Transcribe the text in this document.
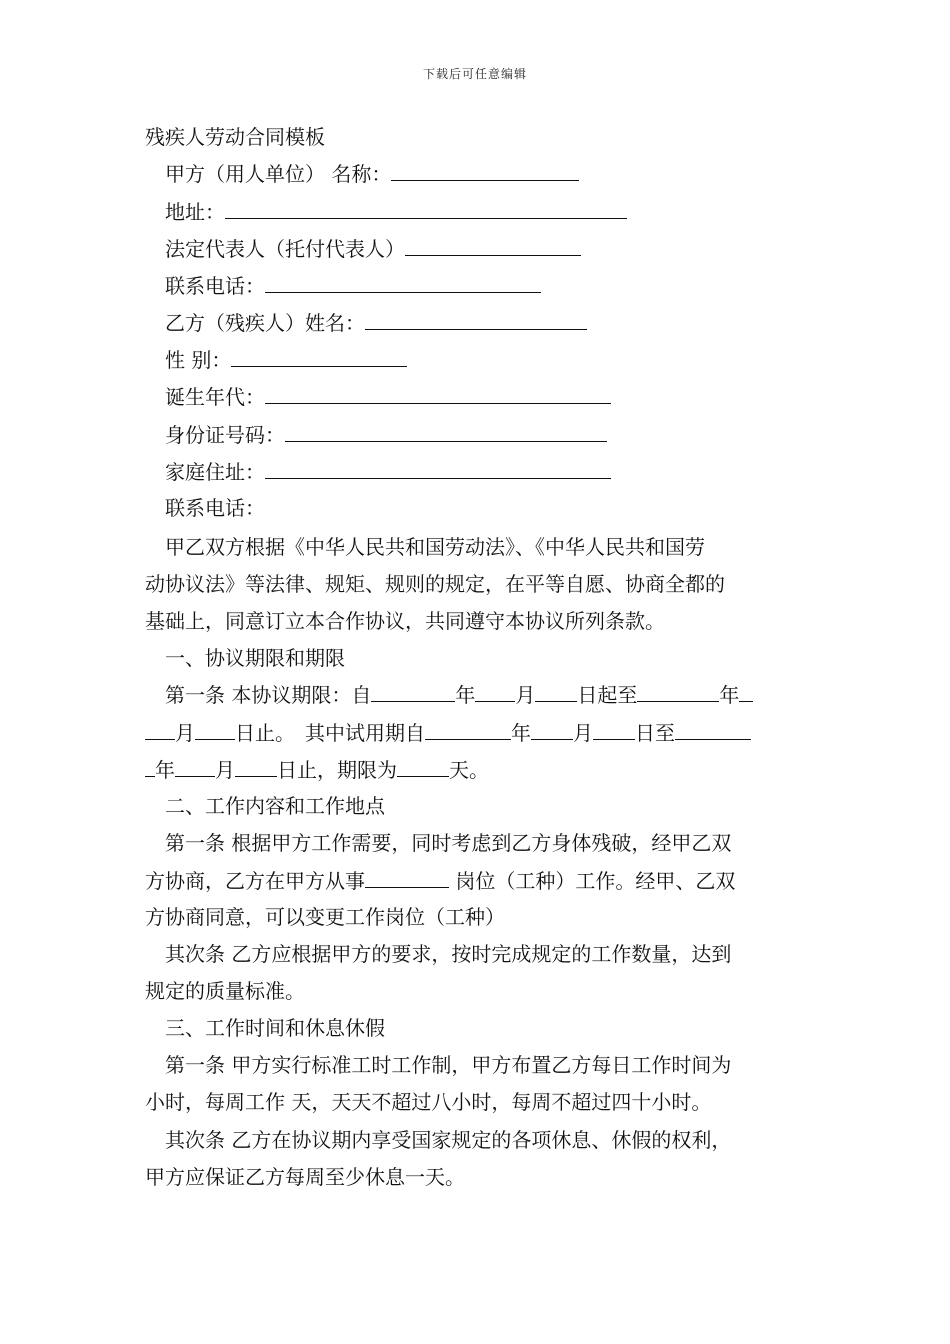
下载后可任意编辑
残疾人劳动合同模板
甲方（用人单位） 名称：
地址：
法定代表人（托付代表人）
联系电话：
乙方（残疾人）姓名：
性 别：
诞生年代：
身份证号码：
家庭住址：
联系电话：
甲乙双方根据《中华人民共和国劳动法》、《中华人民共和国劳
动协议法》等法律、规矩、规则的规定，在平等自愿、协商全都的
基础上，同意订立本合作协议，共同遵守本协议所列条款。
一、协议期限和期限
第一条 本协议期限：自	年 月 日起至	年
月 日止。 其中试用期自	年 月 日至
年 月 日止，期限为	天。
二、工作内容和工作地点
第一条 根据甲方工作需要，同时考虑到乙方身体残破，经甲乙双
方协商，乙方在甲方从事	岗位（工种）工作。经甲、乙双
方协商同意，可以变更工作岗位（工种）
其次条 乙方应根据甲方的要求，按时完成规定的工作数量，达到
规定的质量标准。
三、工作时间和休息休假
第一条 甲方实行标准工时工作制，甲方布置乙方每日工作时间为
小时，每周工作 天，天天不超过八小时，每周不超过四十小时。
其次条 乙方在协议期内享受国家规定的各项休息、休假的权利，
甲方应保证乙方每周至少休息一天。
